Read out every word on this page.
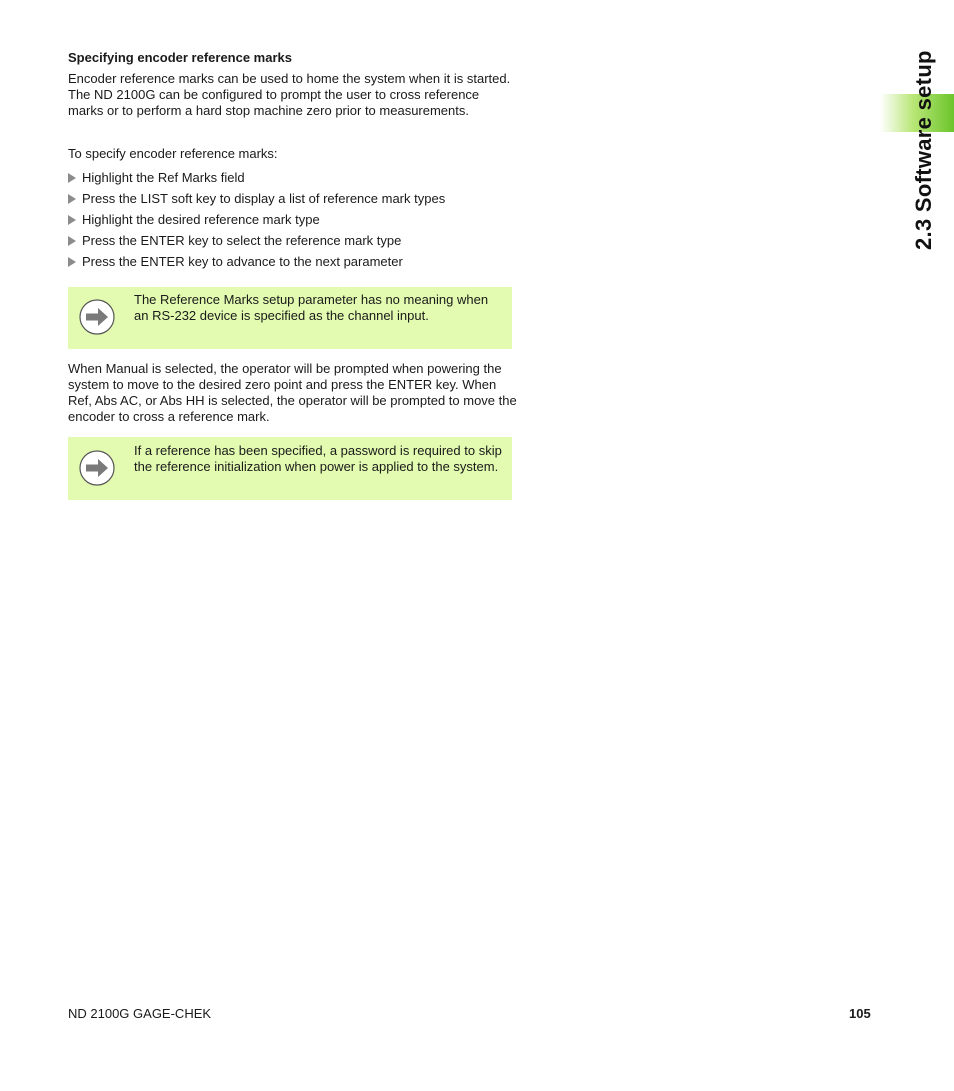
2.3 Software setup
Specifying encoder reference marks

Encoder reference marks can be used to home the system when it is started. The ND 2100G can be configured to prompt the user to cross reference marks or to perform a hard stop machine zero prior to measurements.

To specify encoder reference marks:

Highlight the Ref Marks field
Press the LIST soft key to display a list of reference mark types
Highlight the desired reference mark type
Press the ENTER key to select the reference mark type
Press the ENTER key to advance to the next parameter

The Reference Marks setup parameter has no meaning when an RS-232 device is specified as the channel input.

When Manual is selected, the operator will be prompted when powering the system to move to the desired zero point and press the ENTER key. When Ref, Abs AC, or Abs HH is selected, the operator will be prompted to move the encoder to cross a reference mark.

If a reference has been specified, a password is required to skip the reference initialization when power is applied to the system.

ND 2100G GAGE-CHEK	105
